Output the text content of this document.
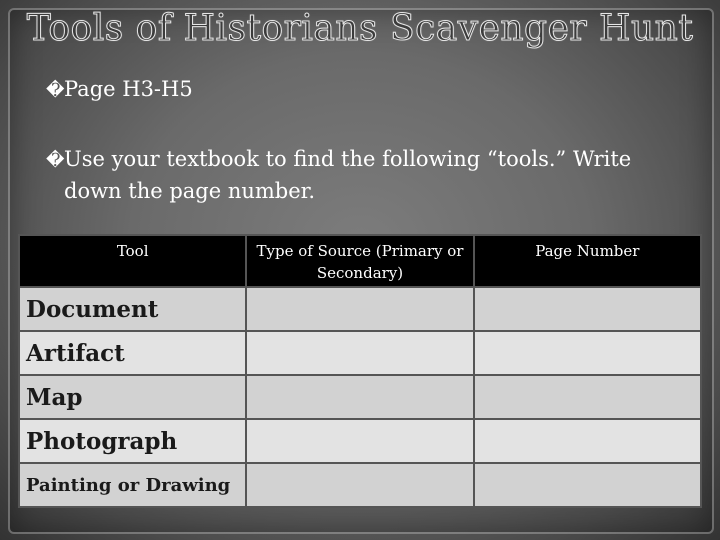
Tools of Historians Scavenger Hunt
�Page H3-H5
�Use your textbook to find the following “tools.” Write
down the page number.
Tool	Type of Source (Primary or Secondary)	Page Number
Document		
Artifact		
Map		
Photograph		
Painting or Drawing		
